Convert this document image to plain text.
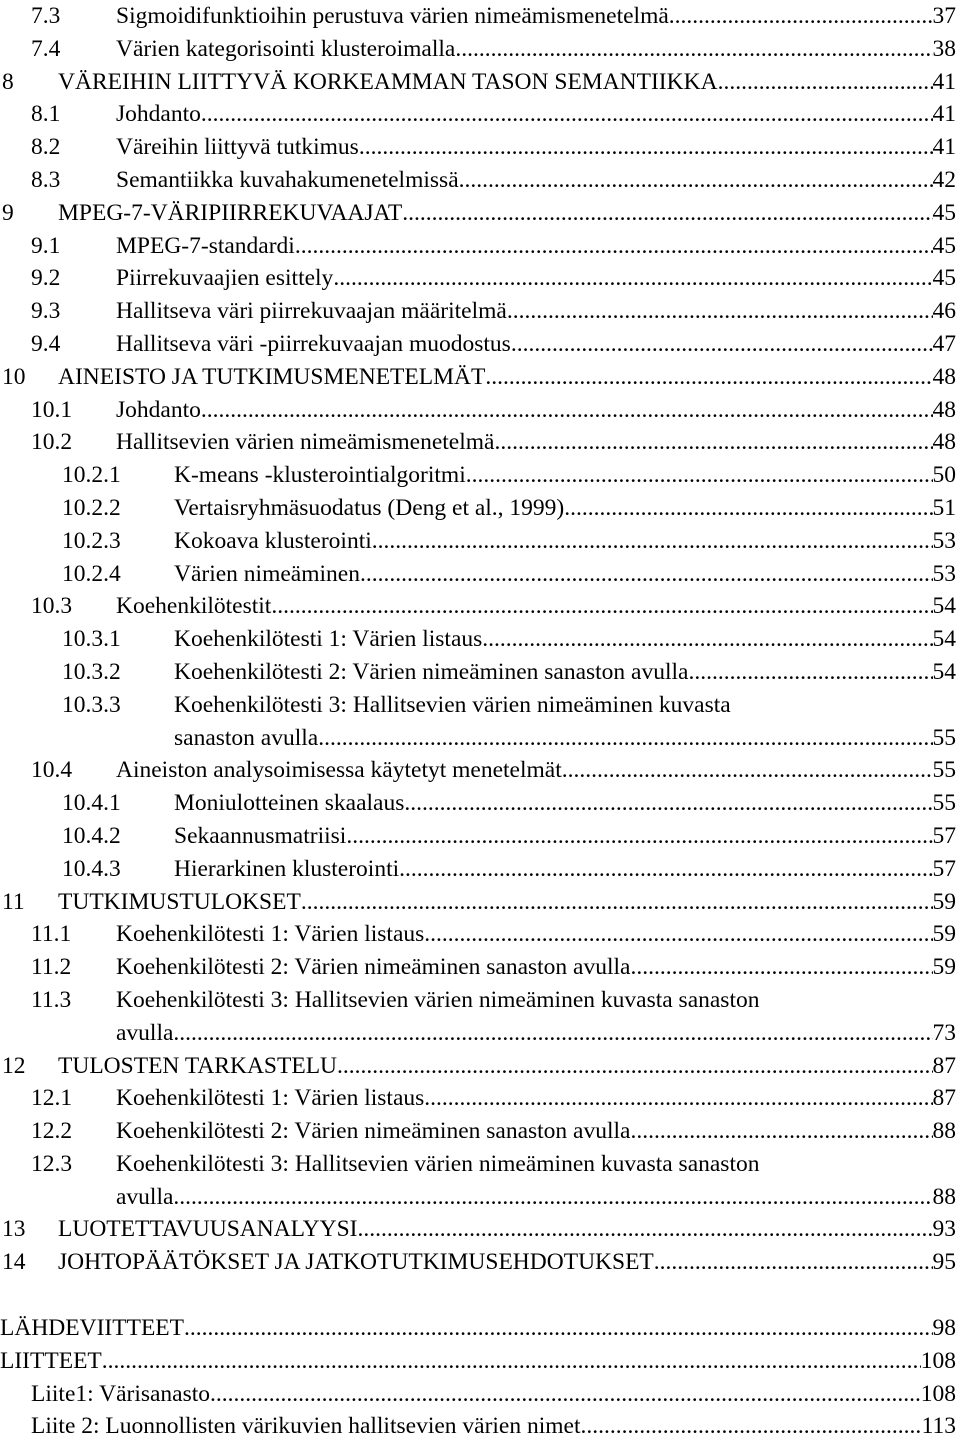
7.3 Sigmoidifunktioihin perustuva värien nimeämismenetelmä .....	37
7.4 Värien kategorisointi klusteroimalla .....	38
8 VÄREIHIN LIITTYVÄ KORKEAMMAN TASON SEMANTIIKKA .....	41
8.1 Johdanto .....	41
8.2 Väreihin liittyvä tutkimus .....	41
8.3 Semantiikka kuvahakumenetelmissä .....	42
9 MPEG-7-VÄRIPIIRREKUVAAJAT .....	45
9.1 MPEG-7-standardi .....	45
9.2 Piirrekuvaajien esittely .....	45
9.3 Hallitseva väri piirrekuvaajan määritelmä .....	46
9.4 Hallitseva väri -piirrekuvaajan muodostus .....	47
10 AINEISTO JA TUTKIMUSMENETELMÄT .....	48
10.1 Johdanto .....	48
10.2 Hallitsevien värien nimeämismenetelmä .....	48
10.2.1 K-means -klusterointialgoritmi .....	50
10.2.2 Vertaisryhmäsuodatus (Deng et al., 1999) .....	51
10.2.3 Kokoava klusterointi .....	53
10.2.4 Värien nimeäminen .....	53
10.3 Koehenkilötestit .....	54
10.3.1 Koehenkilötesti 1: Värien listaus .....	54
10.3.2 Koehenkilötesti 2: Värien nimeäminen sanaston avulla .....	54
10.3.3 Koehenkilötesti 3: Hallitsevien värien nimeäminen kuvasta
sanaston avulla .....	55
10.4 Aineiston analysoimisessa käytetyt menetelmät .....	55
10.4.1 Moniulotteinen skaalaus .....	55
10.4.2 Sekaannusmatriisi .....	57
10.4.3 Hierarkinen klusterointi .....	57
11 TUTKIMUSTULOKSET .....	59
11.1 Koehenkilötesti 1: Värien listaus .....	59
11.2 Koehenkilötesti 2: Värien nimeäminen sanaston avulla .....	59
11.3 Koehenkilötesti 3: Hallitsevien värien nimeäminen kuvasta sanaston
avulla .....	73
12 TULOSTEN TARKASTELU .....	87
12.1 Koehenkilötesti 1: Värien listaus .....	87
12.2 Koehenkilötesti 2: Värien nimeäminen sanaston avulla .....	88
12.3 Koehenkilötesti 3: Hallitsevien värien nimeäminen kuvasta sanaston
avulla .....	88
13 LUOTETTAVUUSANALYYSI .....	93
14 JOHTOPÄÄTÖKSET JA JATKOTUTKIMUSEHDOTUKSET .....	95
LÄHDEVIITTEET .....	98
LIITTEET .....	108
Liite1: Värisanasto .....	108
Liite 2: Luonnollisten värikuvien hallitsevien värien nimet .....	113
